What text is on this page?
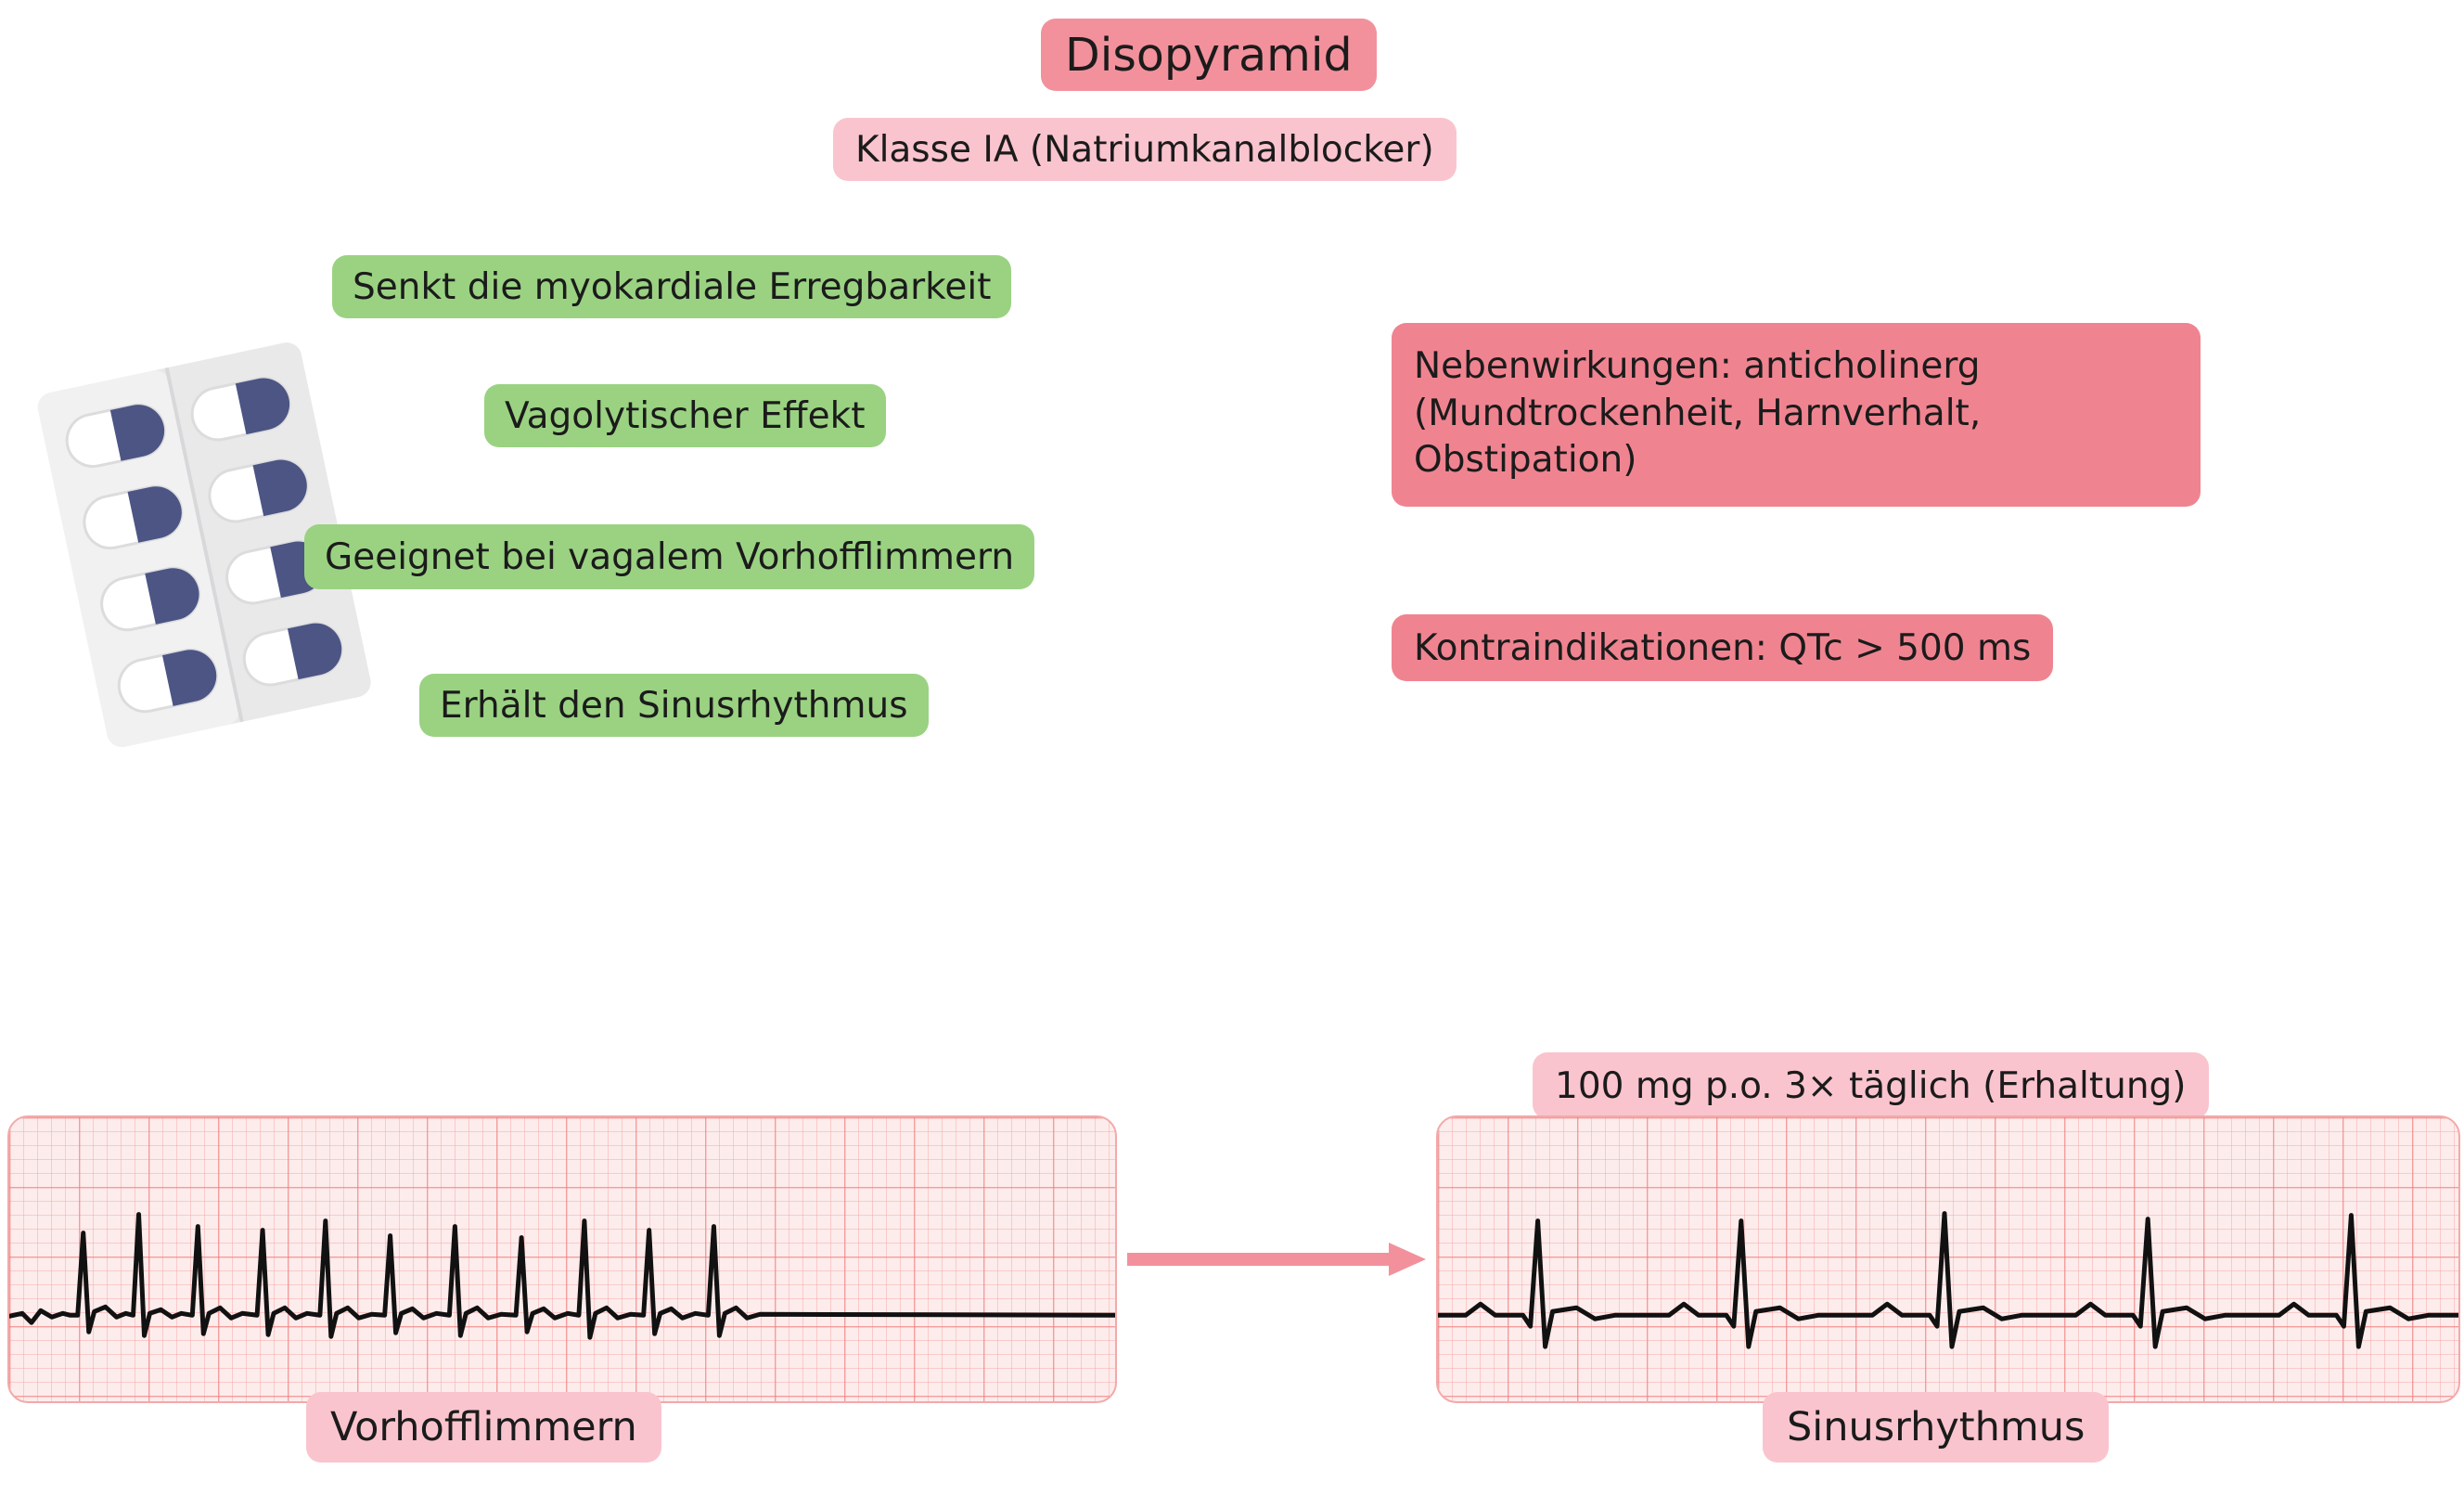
Disopyramid
Klasse IA (Natriumkanalblocker)
Senkt die myokardiale Erregbarkeit
Vagolytischer Effekt
Geeignet bei vagalem Vorhofflimmern
Erhält den Sinusrhythmus
Nebenwirkungen: anticholinerg (Mundtrockenheit, Harnverhalt, Obstipation)
Kontraindikationen: QTc > 500 ms
100 mg p.o. 3× täglich (Erhaltung)
Vorhofflimmern	Sinusrhythmus
